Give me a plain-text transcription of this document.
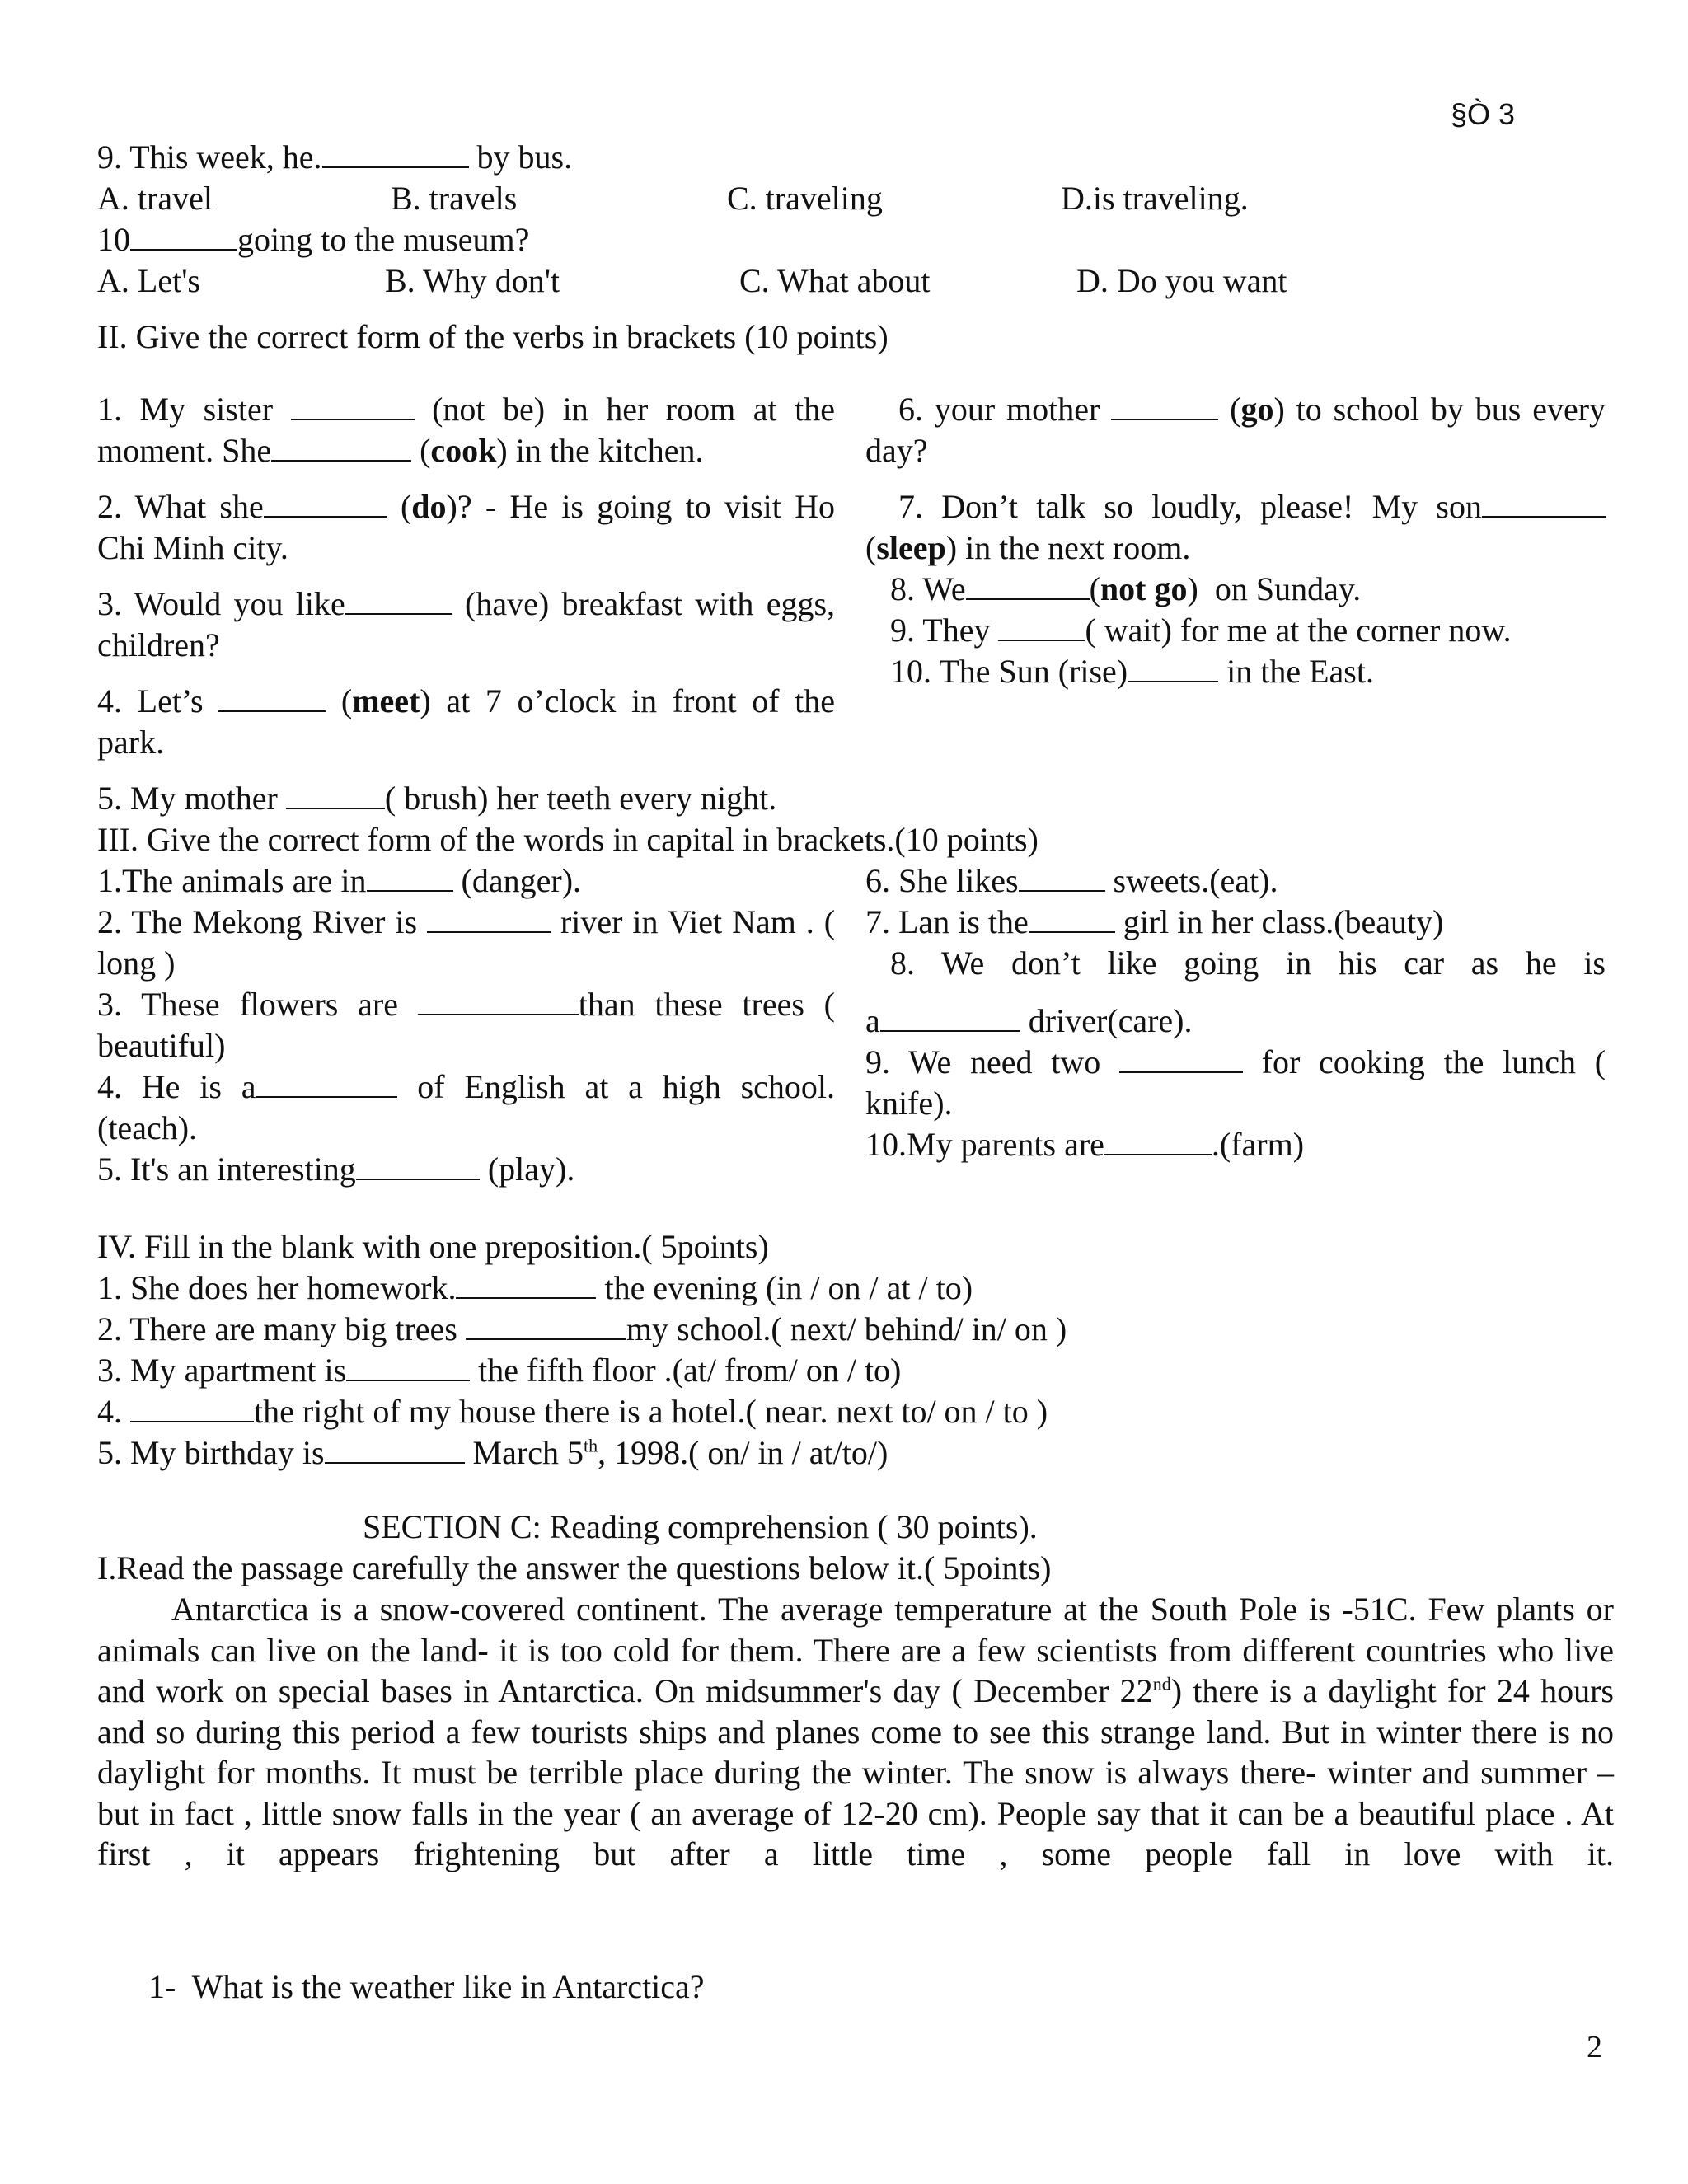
§Ò 3
9. This week, he.	by bus.
A. travel	B. travels	C. traveling	D.is traveling.
10	going to the museum?
A. Let's	B. Why don't	C. What about	D. Do you want
II. Give the correct form of the verbs in brackets (10 points)
1. My sister	(not be) in her room at the moment. She	(cook) in the kitchen.
2. What she	(do)? - He is going to visit Ho Chi Minh city.
3. Would you like	(have) breakfast with eggs, children?
4. Let’s	(meet) at 7 o’clock in front of the park.
6. your mother	(go) to school by bus every day?
7. Don’t talk so loudly, please! My son(sleep) in the next room.
8. We	(not go)  on Sunday.
9. They	( wait) for me at the corner now.
10. The Sun (rise)	in the East.
5. My mother	( brush) her teeth every night.
III. Give the correct form of the words in capital in brackets.(10 points)
1.The animals are in	(danger).
2. The Mekong River is	river in Viet Nam . ( long )
3. These flowers are	than these trees ( beautiful)
4. He is a	of English at a high school. (teach).
5. It's an interesting	(play).
6. She likes	sweets.(eat).
7. Lan is the	girl in her class.(beauty)
8. We don’t like going in his car as he is
a	driver(care).
9. We need two	for cooking the lunch ( knife).
10.My parents are	.(farm)
IV. Fill in the blank with one preposition.( 5points)
1. She does her homework.	the evening (in / on / at / to)
2. There are many big trees	my school.( next/ behind/ in/ on )
3. My apartment is	the fifth floor .(at/ from/ on / to)
4.	the right of my house there is a hotel.( near. next to/ on / to )
5. My birthday is	March 5th, 1998.( on/ in / at/to/)
SECTION C: Reading comprehension ( 30 points).
I.Read the passage carefully the answer the questions below it.( 5points)
Antarctica is a snow-covered continent. The average temperature at the South Pole is -51C. Few plants or animals can live on the land- it is too cold for them. There are a few scientists from different countries who live and work on special bases in Antarctica. On midsummer's day ( December 22nd) there is a daylight for 24 hours and so during this period a few tourists ships and planes come to see this strange land. But in winter there is no daylight for months. It must be terrible place during the winter. The snow is always there- winter and summer – but in fact , little snow falls in the year ( an average of 12-20 cm). People say that it can be a beautiful place . At first , it appears frightening but after a little time , some people fall in love with it.
1-  What is the weather like in Antarctica?
2
